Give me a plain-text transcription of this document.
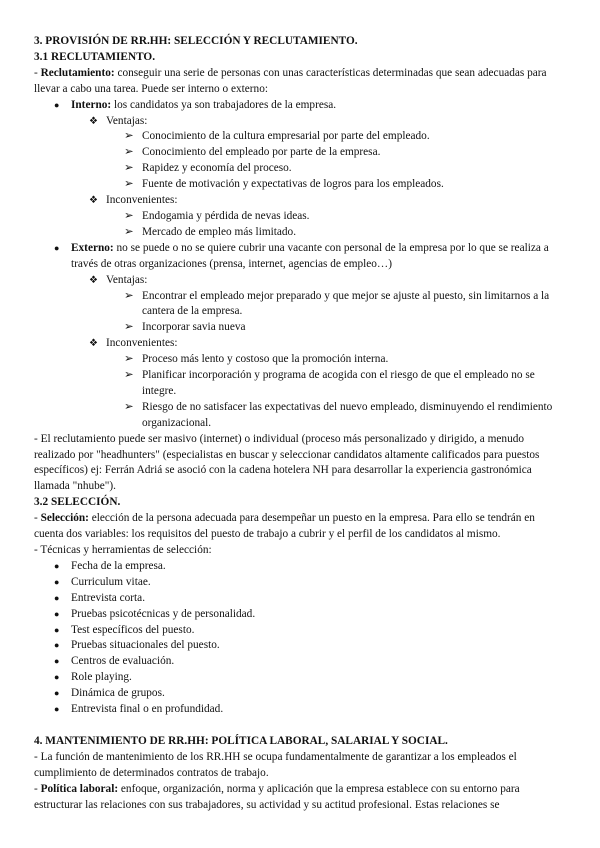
3. PROVISIÓN DE RR.HH: SELECCIÓN Y RECLUTAMIENTO.
3.1 RECLUTAMIENTO.
- Reclutamiento: conseguir una serie de personas con unas características determinadas que sean adecuadas para llevar a cabo una tarea. Puede ser interno o externo:
● Interno: los candidatos ya son trabajadores de la empresa.
❖ Ventajas:
➢ Conocimiento de la cultura empresarial por parte del empleado.
➢ Conocimiento del empleado por parte de la empresa.
➢ Rapidez y economía del proceso.
➢ Fuente de motivación y expectativas de logros para los empleados.
❖ Inconvenientes:
➢ Endogamia y pérdida de nevas ideas.
➢ Mercado de empleo más limitado.
● Externo: no se puede o no se quiere cubrir una vacante con personal de la empresa por lo que se realiza a través de otras organizaciones (prensa, internet, agencias de empleo…)
❖ Ventajas:
➢ Encontrar el empleado mejor preparado y que mejor se ajuste al puesto, sin limitarnos a la cantera de la empresa.
➢ Incorporar savia nueva
❖ Inconvenientes:
➢ Proceso más lento y costoso que la promoción interna.
➢ Planificar incorporación y programa de acogida con el riesgo de que el empleado no se integre.
➢ Riesgo de no satisfacer las expectativas del nuevo empleado, disminuyendo el rendimiento organizacional.
- El reclutamiento puede ser masivo (internet) o individual (proceso más personalizado y dirigido, a menudo realizado por "headhunters" (especialistas en buscar y seleccionar candidatos altamente calificados para puestos específicos) ej: Ferrán Adriá se asoció con la cadena hotelera NH para desarrollar la experiencia gastronómica llamada "nhube").
3.2 SELECCIÓN.
- Selección: elección de la persona adecuada para desempeñar un puesto en la empresa. Para ello se tendrán en cuenta dos variables: los requisitos del puesto de trabajo a cubrir y el perfil de los candidatos al mismo.
- Técnicas y herramientas de selección:
● Fecha de la empresa.
● Curriculum vitae.
● Entrevista corta.
● Pruebas psicotécnicas y de personalidad.
● Test específicos del puesto.
● Pruebas situacionales del puesto.
● Centros de evaluación.
● Role playing.
● Dinámica de grupos.
● Entrevista final o en profundidad.
4. MANTENIMIENTO DE RR.HH: POLÍTICA LABORAL, SALARIAL Y SOCIAL.
- La función de mantenimiento de los RR.HH se ocupa fundamentalmente de garantizar a los empleados el cumplimiento de determinados contratos de trabajo.
- Política laboral: enfoque, organización, norma y aplicación que la empresa establece con su entorno para estructurar las relaciones con sus trabajadores, su actividad y su actitud profesional. Estas relaciones se
